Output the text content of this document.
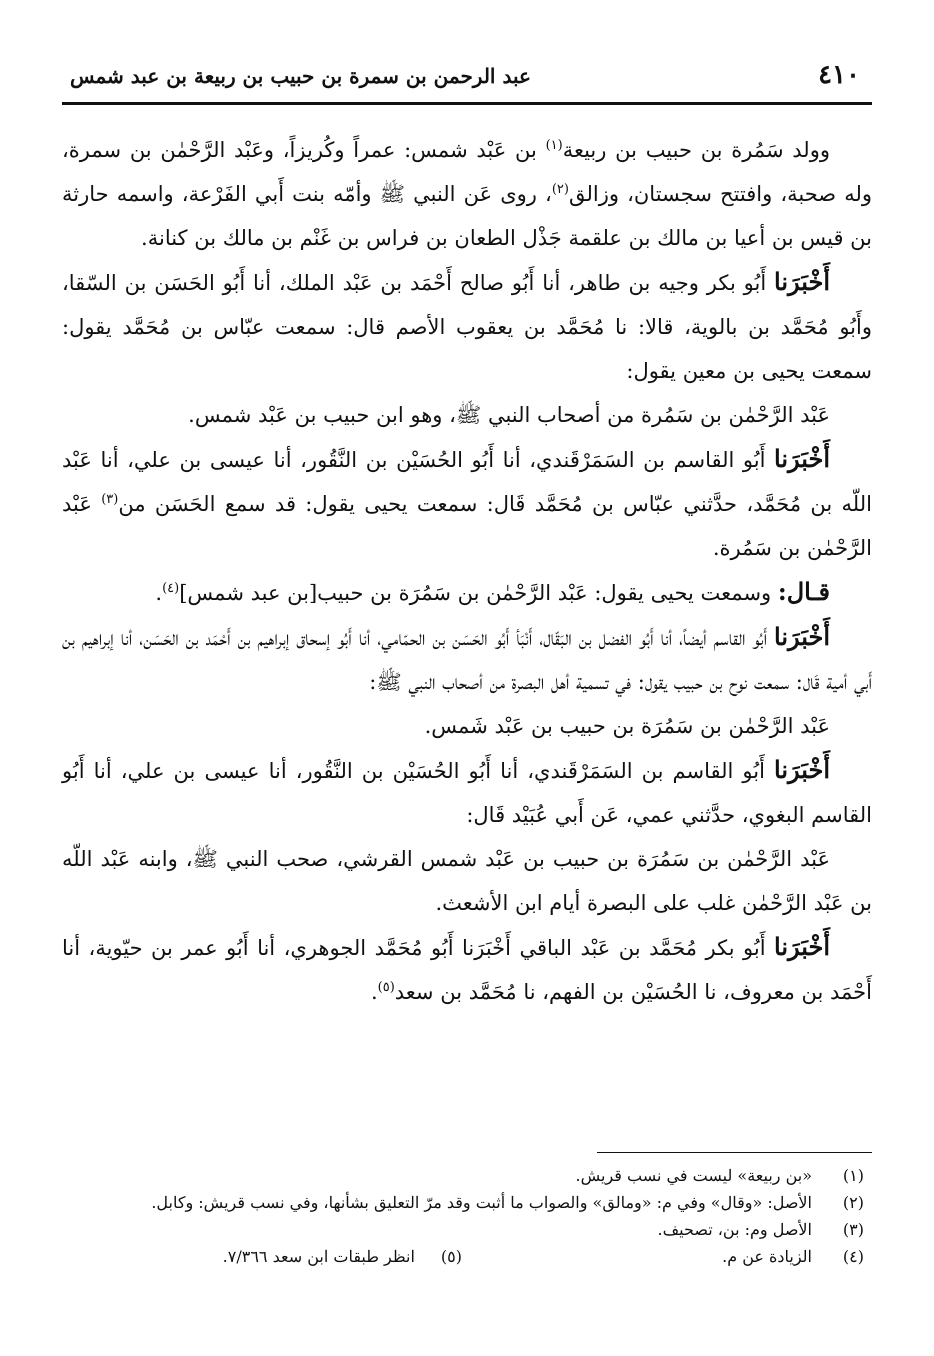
٤١٠
عبد الرحمن بن سمرة بن حبيب بن ربيعة بن عبد شمس

وولد سَمُرة بن حبيب بن ربيعة$^{(١)}$ بن عَبْد شمس: عمراً وكُريزاً، وعَبْد الرَّحْمٰن بن سمرة، وله صحبة، وافتتح سجستان، وزالق$^{(٢)}$، روى عَن النبي ﷺ وأمّه بنت أَبي الفَرْعة، واسمه حارثة بن قيس بن أعيا بن مالك بن علقمة جَذْل الطعان بن فراس بن غَنْم بن مالك بن كنانة.

أَخْبَرَنا أَبُو بكر وجيه بن طاهر، أنا أَبُو صالح أَحْمَد بن عَبْد الملك، أنا أَبُو الحَسَن بن السّقا، وأَبُو مُحَمَّد بن بالوية، قالا: نا مُحَمَّد بن يعقوب الأصم قال: سمعت عبّاس بن مُحَمَّد يقول: سمعت يحيى بن معين يقول:

عَبْد الرَّحْمٰن بن سَمُرة من أصحاب النبي ﷺ، وهو ابن حبيب بن عَبْد شمس.

أَخْبَرَنا أَبُو القاسم بن السَمَرْقَندي، أنا أَبُو الحُسَيْن بن النَّقُور، أنا عيسى بن علي، أنا عَبْد اللّه بن مُحَمَّد، حدَّثني عبّاس بن مُحَمَّد قَال: سمعت يحيى يقول: قد سمع الحَسَن من$^{(٣)}$ عَبْد الرَّحْمٰن بن سَمُرة.

قـال: وسمعت يحيى يقول: عَبْد الرَّحْمٰن بن سَمُرَة بن حبيب[بن عبد شمس]$^{(٤)}$.

أَخْبَرَنا أَبُو القاسم أيضاً، أنا أَبُو الفضل بن البَقّال، أَنْبَأ أَبُو الحَسَن بن الحمّامي، أنا أَبُو إسحاق إبراهيم بن أَحْمَد بن الحَسَن، أنا إبراهيم بن أَبي أمية قَال: سمعت نوح بن حبيب يقول: في تسمية أهل البصرة من أصحاب النبي ﷺ:

عَبْد الرَّحْمٰن بن سَمُرَة بن حبيب بن عَبْد شَمس.

أَخْبَرَنا أَبُو القاسم بن السَمَرْقَندي، أنا أَبُو الحُسَيْن بن النَّقُور، أنا عيسى بن علي، أنا أَبُو القاسم البغوي، حدَّثني عمي، عَن أَبي عُبَيْد قَال:

عَبْد الرَّحْمٰن بن سَمُرَة بن حبيب بن عَبْد شمس القرشي، صحب النبي ﷺ، وابنه عَبْد اللّه بن عَبْد الرَّحْمٰن غلب على البصرة أيام ابن الأشعث.

أَخْبَرَنا أَبُو بكر مُحَمَّد بن عَبْد الباقي أَخْبَرَنا أَبُو مُحَمَّد الجوهري، أنا أَبُو عمر بن حيّوية، أنا أَحْمَد بن معروف، نا الحُسَيْن بن الفهم، نا مُحَمَّد بن سعد$^{(٥)}$.

(١)
«بن ربيعة» ليست في نسب قريش.
(٢)
الأصل: «وقال» وفي م: «ومالق» والصواب ما أثبت وقد مرّ التعليق بشأنها، وفي نسب قريش: وكابل.
(٣)
الأصل وم: بن، تصحيف.
(٤)
الزيادة عن م.
(٥)انظر طبقات ابن سعد ٧/٣٦٦.
